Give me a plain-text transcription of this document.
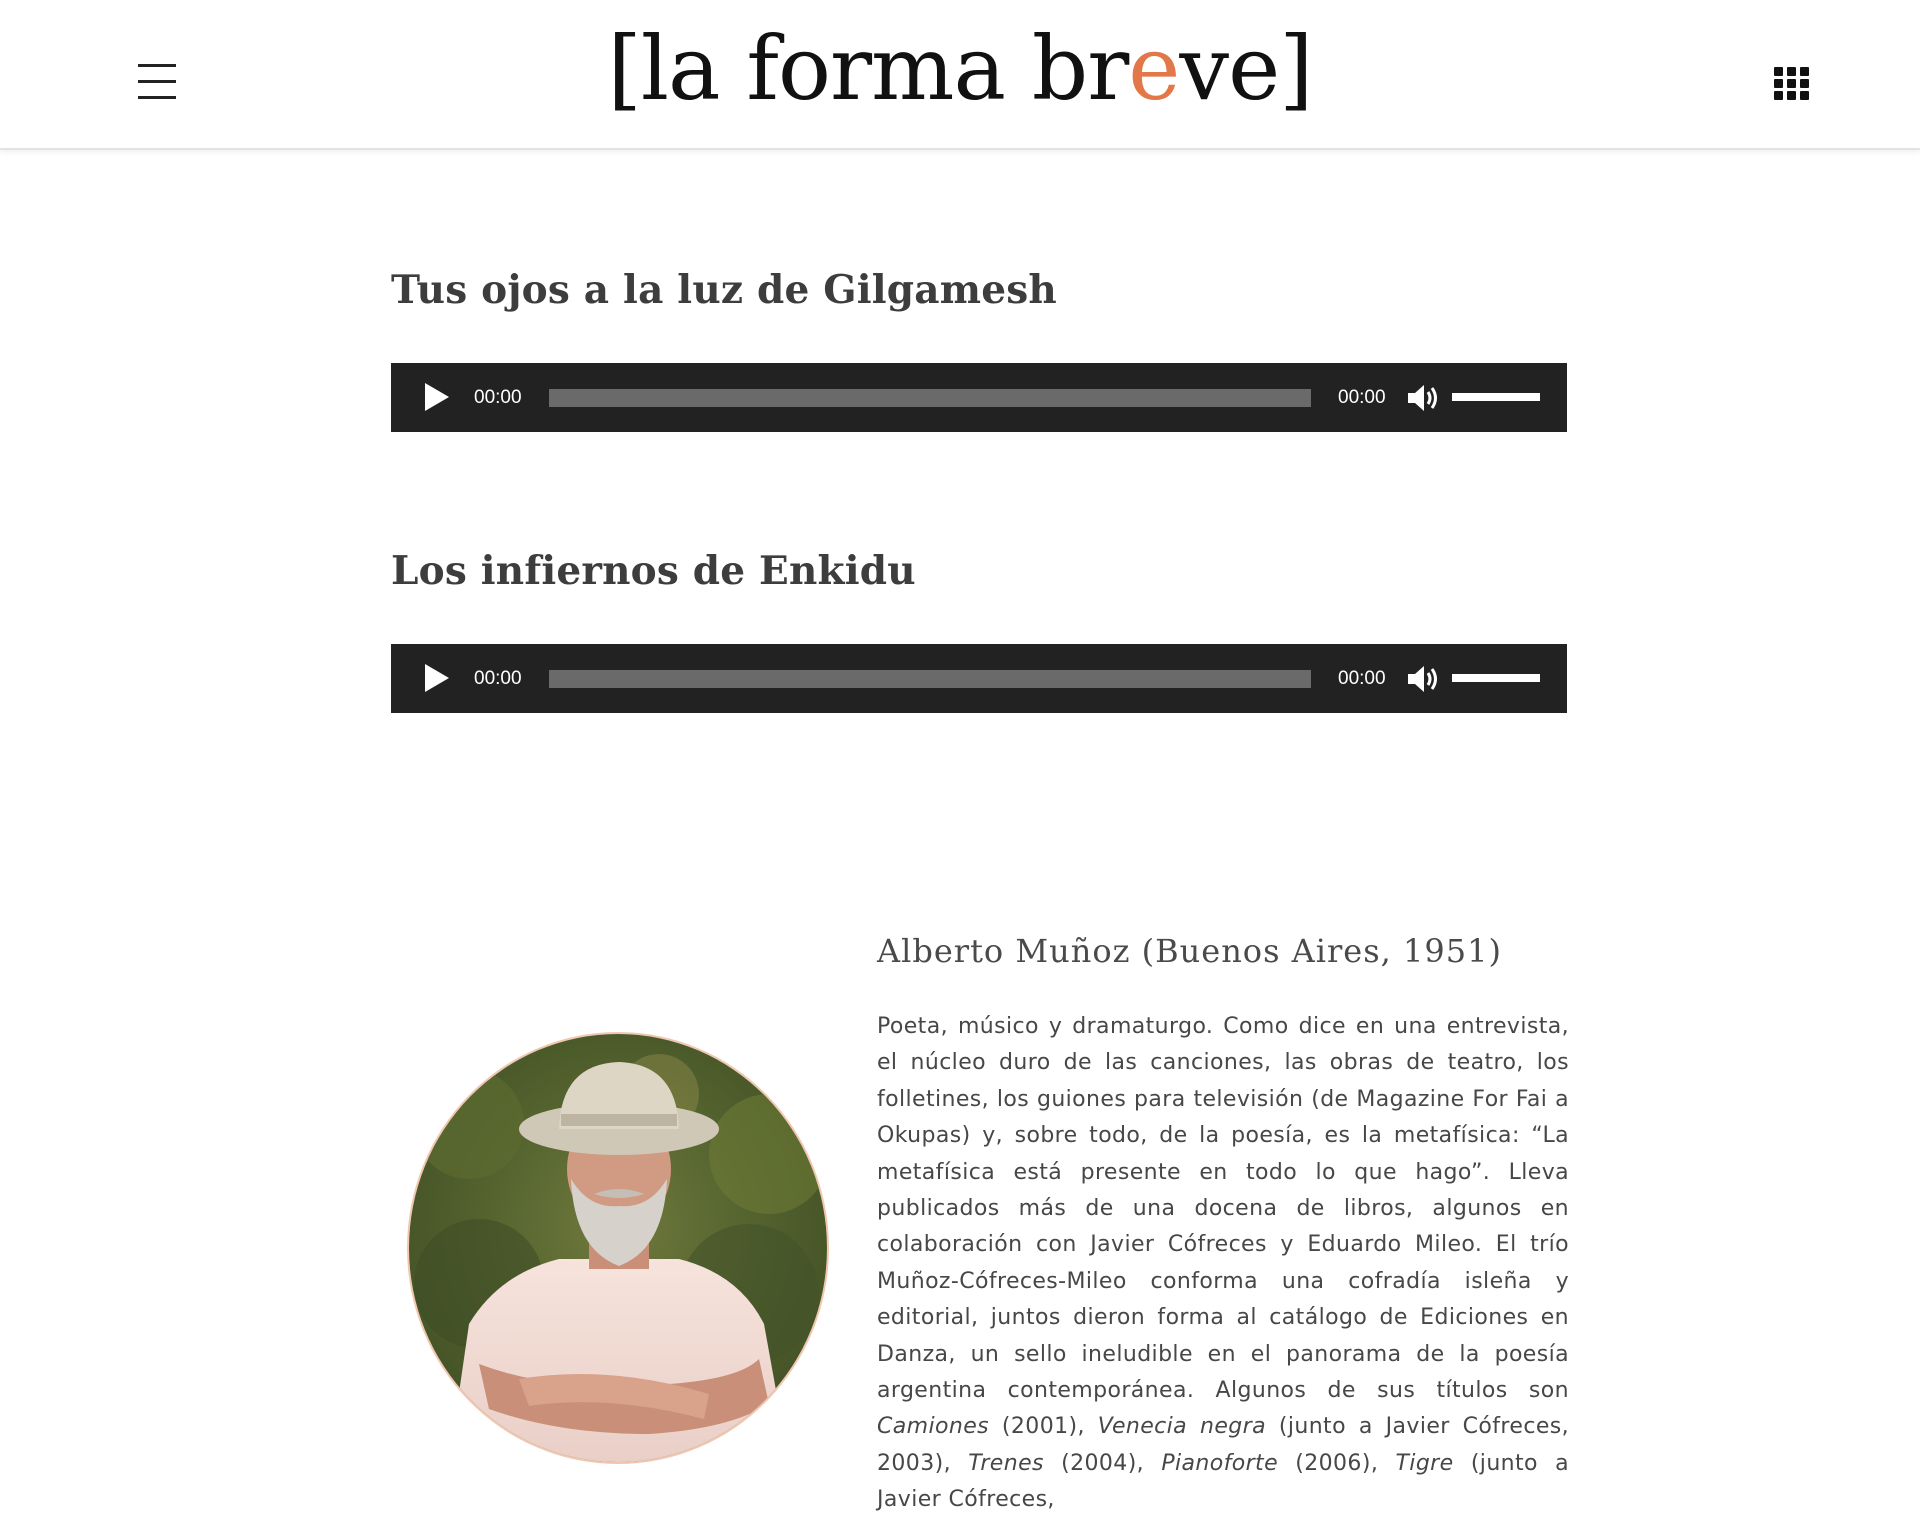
[la forma breve]
Tus ojos a la luz de Gilgamesh
00:00	00:00
Los infiernos de Enkidu
00:00	00:00
Alberto Muñoz (Buenos Aires, 1951)

Poeta, músico y dramaturgo. Como dice en una entrevista, el núcleo duro de las canciones, las obras de teatro, los folletines, los guiones para televisión (de Magazine For Fai a Okupas) y, sobre todo, de la poesía, es la metafísica: “La metafísica está presente en todo lo que hago”. Lleva publicados más de una docena de libros, algunos en colaboración con Javier Cófreces y Eduardo Mileo. El trío Muñoz-Cófreces-Mileo conforma una cofradía isleña y editorial, juntos dieron forma al catálogo de Ediciones en Danza, un sello ineludible en el panorama de la poesía argentina contemporánea. Algunos de sus títulos son Camiones (2001), Venecia negra (junto a Javier Cófreces, 2003), Trenes (2004), Pianoforte (2006), Tigre (junto a Javier Cófreces,
